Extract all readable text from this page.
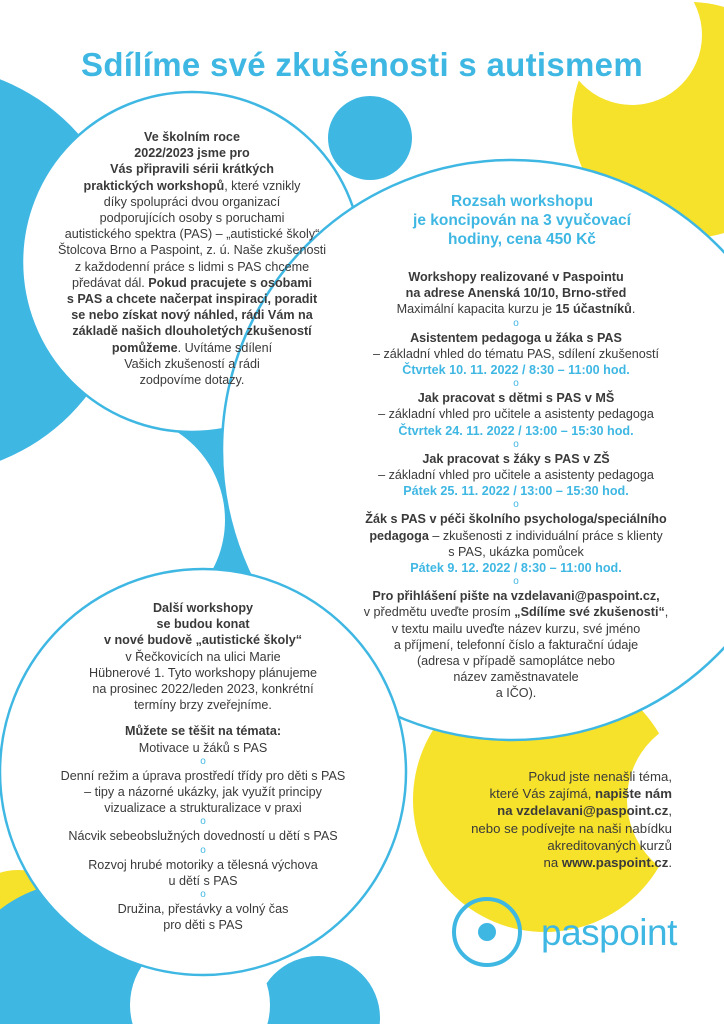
Sdílíme své zkušenosti s autismem
Ve školním roce
2022/2023 jsme pro
Vás připravili sérii krátkých
praktických workshopů, které vznikly
díky spolupráci dvou organizací
podporujících osoby s poruchami
autistického spektra (PAS) – „autistické školy“
Štolcova Brno a Paspoint, z. ú. Naše zkušenosti
z každodenní práce s lidmi s PAS chceme
předávat dál. Pokud pracujete s osobami
s PAS a chcete načerpat inspiraci, poradit
se nebo získat nový náhled, rádi Vám na
základě našich dlouholetých zkušeností
pomůžeme. Uvítáme sdílení
Vašich zkušeností a rádi
zodpovíme dotazy.
Rozsah workshopu
je koncipován na 3 vyučovací
hodiny, cena 450 Kč
Workshopy realizované v Paspointu
na adrese Anenská 10/10, Brno-střed
Maximální kapacita kurzu je 15 účastníků.
o
Asistentem pedagoga u žáka s PAS
– základní vhled do tématu PAS, sdílení zkušeností
Čtvrtek 10. 11. 2022 / 8:30 – 11:00 hod.
o
Jak pracovat s dětmi s PAS v MŠ
– základní vhled pro učitele a asistenty pedagoga
Čtvrtek 24. 11. 2022 / 13:00 – 15:30 hod.
o
Jak pracovat s žáky s PAS v ZŠ
– základní vhled pro učitele a asistenty pedagoga
Pátek 25. 11. 2022 / 13:00 – 15:30 hod.
o
Žák s PAS v péči školního psychologa/speciálního
pedagoga – zkušenosti z individuální práce s klienty
s PAS, ukázka pomůcek
Pátek 9. 12. 2022 / 8:30 – 11:00 hod.
o
Pro přihlášení pište na vzdelavani@paspoint.cz,
v předmětu uveďte prosím „Sdílíme své zkušenosti“,
v textu mailu uveďte název kurzu, své jméno
a příjmení, telefonní číslo a fakturační údaje
(adresa v případě samoplátce nebo
název zaměstnavatele
a IČO).
Další workshopy
se budou konat
v nové budově „autistické školy“
v Řečkovicích na ulici Marie
Hübnerové 1. Tyto workshopy plánujeme
na prosinec 2022/leden 2023, konkrétní
termíny brzy zveřejníme.
Můžete se těšit na témata:
Motivace u žáků s PAS
o
Denní režim a úprava prostředí třídy pro děti s PAS
– tipy a názorné ukázky, jak využít principy
vizualizace a strukturalizace v praxi
o
Nácvik sebeobslužných dovedností u dětí s PAS
o
Rozvoj hrubé motoriky a tělesná výchova
u dětí s PAS
o
Družina, přestávky a volný čas
pro děti s PAS
Pokud jste nenašli téma,
které Vás zajímá, napište nám
na vzdelavani@paspoint.cz,
nebo se podívejte na naši nabídku
akreditovaných kurzů
na www.paspoint.cz.
paspoint
